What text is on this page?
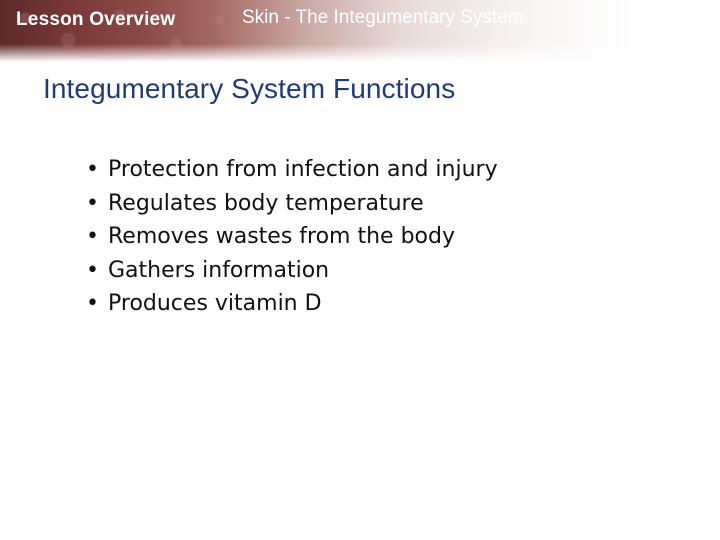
Lesson Overview	Skin - The Integumentary System
Integumentary System Functions
• Protection from infection and injury
• Regulates body temperature
• Removes wastes from the body
• Gathers information
• Produces vitamin D
